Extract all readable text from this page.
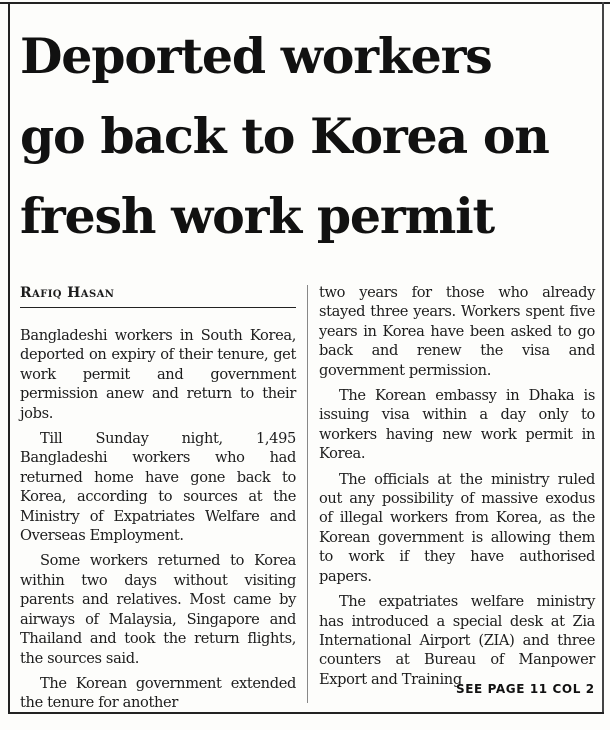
Deported workers
go back to Korea on
fresh work permit
Rafiq Hasan

Bangladeshi workers in South Korea, deported on expiry of their tenure, get work permit and government permission anew and return to their jobs.

Till Sunday night, 1,495 Bangladeshi workers who had returned home have gone back to Korea, according to sources at the Ministry of Expatriates Welfare and Overseas Employment.

Some workers returned to Korea within two days without visiting parents and relatives. Most came by airways of Malaysia, Singapore and Thailand and took the return flights, the sources said.

The Korean government extended the tenure for another

two years for those who already stayed three years. Workers spent five years in Korea have been asked to go back and renew the visa and government permission.

The Korean embassy in Dhaka is issuing visa within a day only to workers having new work permit in Korea.

The officials at the ministry ruled out any possibility of massive exodus of illegal workers from Korea, as the Korean government is allowing them to work if they have authorised papers.

The expatriates welfare ministry has introduced a special desk at Zia International Airport (ZIA) and three counters at Bureau of Manpower Export and Training

SEE PAGE 11 COL 2
